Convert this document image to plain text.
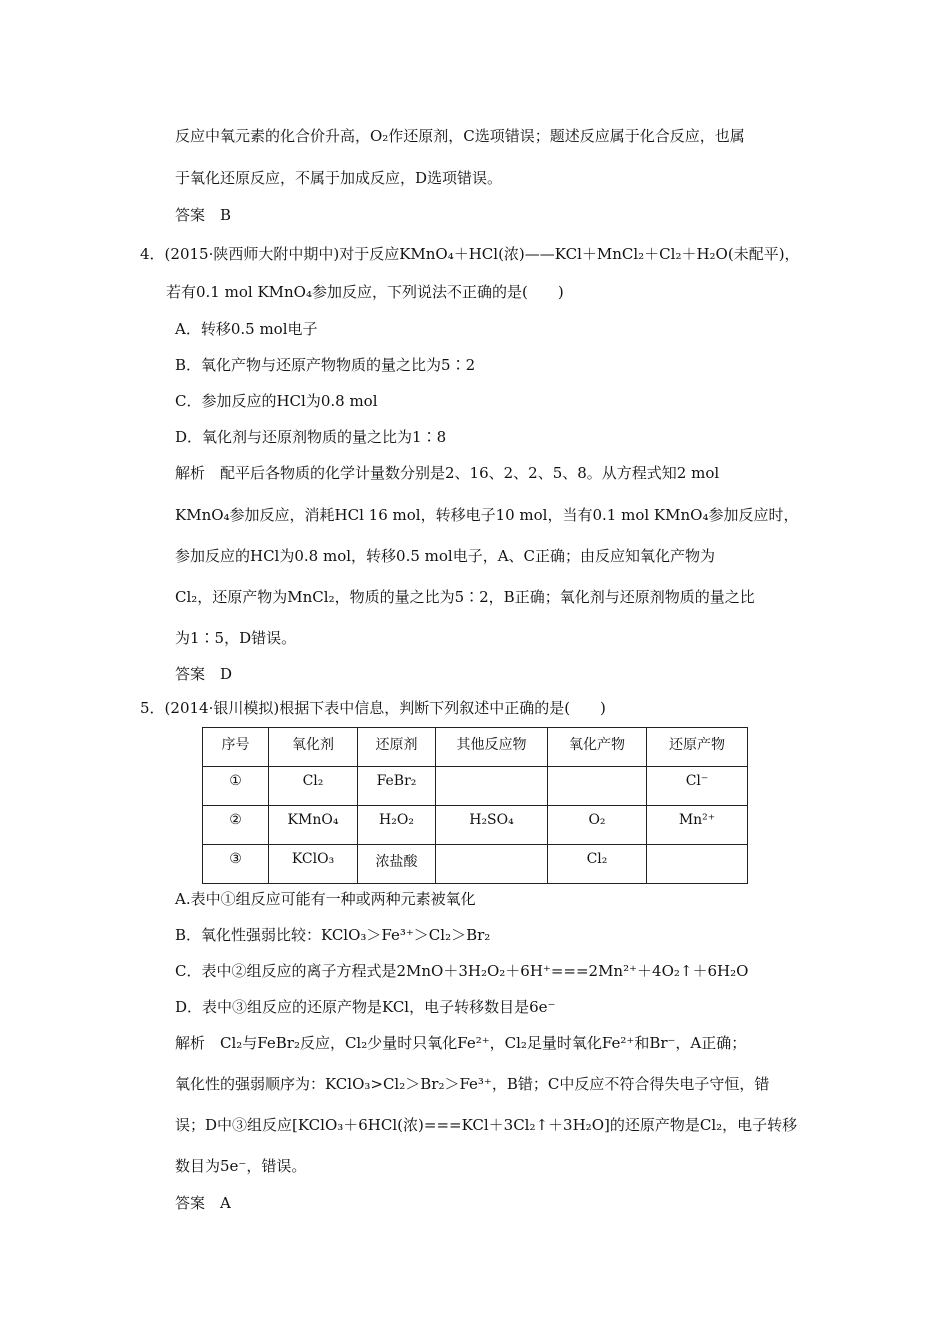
反应中氧元素的化合价升高，O₂作还原剂，C选项错误；题述反应属于化合反应，也属
于氧化还原反应，不属于加成反应，D选项错误。
答案　B
4．(2015·陕西师大附中期中)对于反应KMnO₄＋HCl(浓)——KCl＋MnCl₂＋Cl₂＋H₂O(未配平)，
若有0.1 mol KMnO₄参加反应，下列说法不正确的是(　　)
A．转移0.5 mol电子
B．氧化产物与还原产物物质的量之比为5∶2
C．参加反应的HCl为0.8 mol
D．氧化剂与还原剂物质的量之比为1∶8
解析　配平后各物质的化学计量数分别是2、16、2、2、5、8。从方程式知2 mol
KMnO₄参加反应，消耗HCl 16 mol，转移电子10 mol，当有0.1 mol KMnO₄参加反应时，
参加反应的HCl为0.8 mol，转移0.5 mol电子，A、C正确；由反应知氧化产物为
Cl₂，还原产物为MnCl₂，物质的量之比为5∶2，B正确；氧化剂与还原剂物质的量之比
为1∶5，D错误。
答案　D
5．(2014·银川模拟)根据下表中信息，判断下列叙述中正确的是(　　)
序号	氧化剂	还原剂	其他反应物	氧化产物	还原产物
①	Cl₂	FeBr₂			Cl⁻
②	KMnO₄	H₂O₂	H₂SO₄	O₂	Mn²⁺
③	KClO₃	浓盐酸		Cl₂	
A.表中①组反应可能有一种或两种元素被氧化
B．氧化性强弱比较：KClO₃＞Fe³⁺＞Cl₂＞Br₂
C．表中②组反应的离子方程式是2MnO＋3H₂O₂＋6H⁺===2Mn²⁺＋4O₂↑＋6H₂O
D．表中③组反应的还原产物是KCl，电子转移数目是6e⁻
解析　Cl₂与FeBr₂反应，Cl₂少量时只氧化Fe²⁺，Cl₂足量时氧化Fe²⁺和Br⁻，A正确；
氧化性的强弱顺序为：KClO₃>Cl₂＞Br₂＞Fe³⁺，B错；C中反应不符合得失电子守恒，错
误；D中③组反应[KClO₃＋6HCl(浓)===KCl＋3Cl₂↑＋3H₂O]的还原产物是Cl₂，电子转移
数目为5e⁻，错误。
答案　A
